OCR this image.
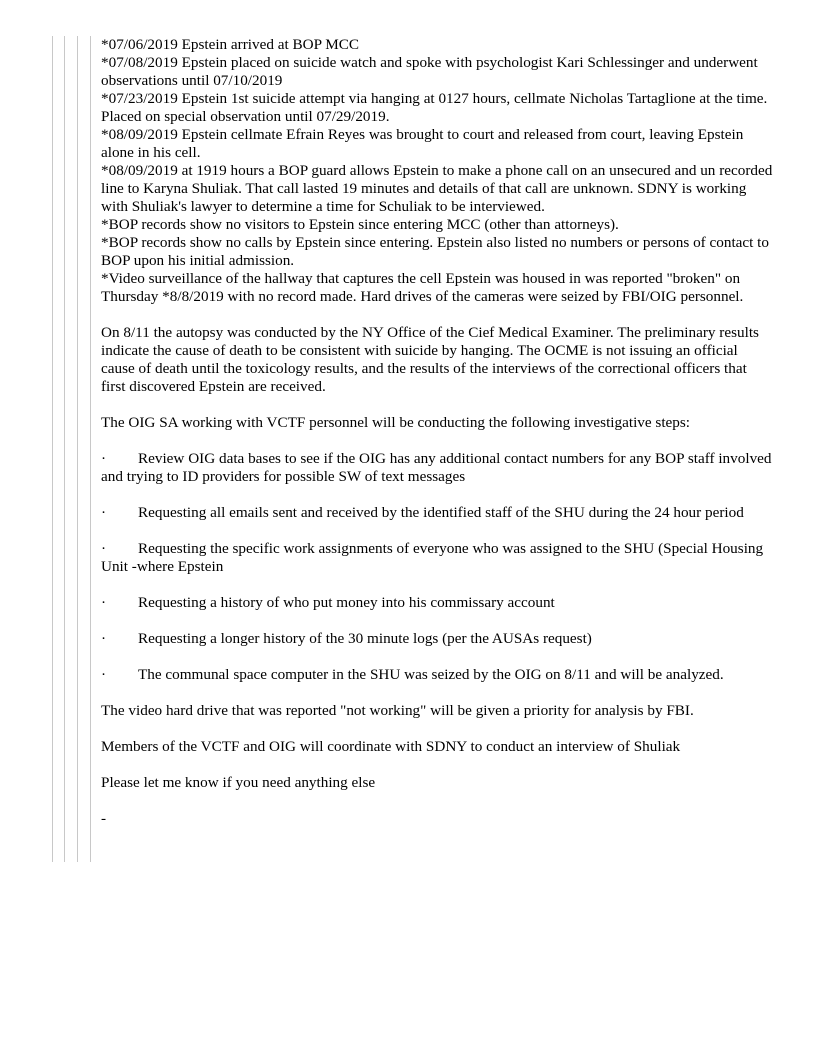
*07/06/2019 Epstein arrived at BOP MCC
*07/08/2019 Epstein placed on suicide watch and spoke with psychologist Kari Schlessinger and underwent observations until 07/10/2019
*07/23/2019 Epstein 1st suicide attempt via hanging at 0127 hours, cellmate Nicholas Tartaglione at the time. Placed on special observation until 07/29/2019.
*08/09/2019 Epstein cellmate Efrain Reyes was brought to court and released from court, leaving Epstein alone in his cell.
*08/09/2019 at 1919 hours a BOP guard allows Epstein to make a phone call on an unsecured and un recorded line to Karyna Shuliak. That call lasted 19 minutes and details of that call are unknown. SDNY is working with Shuliak's lawyer to determine a time for Schuliak to be interviewed.
*BOP records show no visitors to Epstein since entering MCC (other than attorneys).
*BOP records show no calls by Epstein since entering. Epstein also listed no numbers or persons of contact to BOP upon his initial admission.
*Video surveillance of the hallway that captures the cell Epstein was housed in was reported "broken" on Thursday *8/8/2019 with no record made. Hard drives of the cameras were seized by FBI/OIG personnel.

On 8/11 the autopsy was conducted by the NY Office of the Cief Medical Examiner. The preliminary results indicate the cause of death to be consistent with suicide by hanging. The OCME is not issuing an official cause of death until the toxicology results, and the results of the interviews of the correctional officers that first discovered Epstein are received.

The OIG SA working with VCTF personnel will be conducting the following investigative steps:

· Review OIG data bases to see if the OIG has any additional contact numbers for any BOP staff involved and trying to ID providers for possible SW of text messages
· Requesting all emails sent and received by the identified staff of the SHU during the 24 hour period
· Requesting the specific work assignments of everyone who was assigned to the SHU (Special Housing Unit -where Epstein
· Requesting a history of who put money into his commissary account
· Requesting a longer history of the 30 minute logs (per the AUSAs request)
· The communal space computer in the SHU was seized by the OIG on 8/11 and will be analyzed.

The video hard drive that was reported "not working" will be given a priority for analysis by FBI.

Members of the VCTF and OIG will coordinate with SDNY to conduct an interview of Shuliak

Please let me know if you need anything else

-
